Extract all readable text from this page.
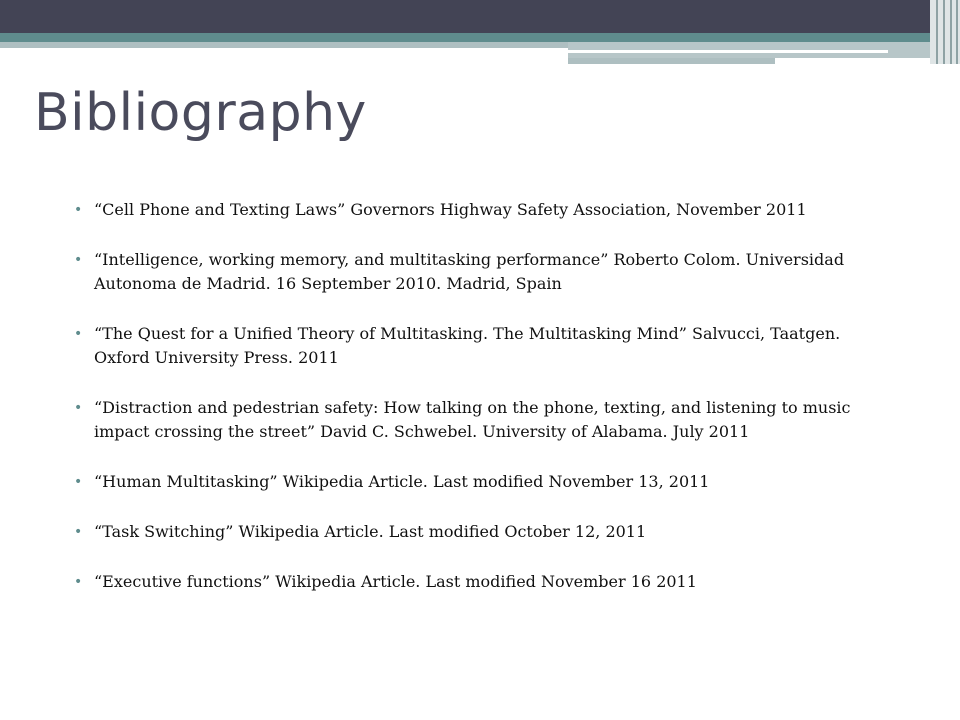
Bibliography
• “Cell Phone and Texting Laws” Governors Highway Safety Association, November 2011
• “Intelligence, working memory, and multitasking performance” Roberto Colom. Universidad Autonoma de Madrid. 16 September 2010. Madrid, Spain
• “The Quest for a Unified Theory of Multitasking. The Multitasking Mind” Salvucci, Taatgen. Oxford University Press. 2011
• “Distraction and pedestrian safety: How talking on the phone, texting, and listening to music impact crossing the street” David C. Schwebel. University of Alabama. July 2011
• “Human Multitasking” Wikipedia Article. Last modified November 13, 2011
• “Task Switching” Wikipedia Article. Last modified October 12, 2011
• “Executive functions” Wikipedia Article. Last modified November 16 2011
